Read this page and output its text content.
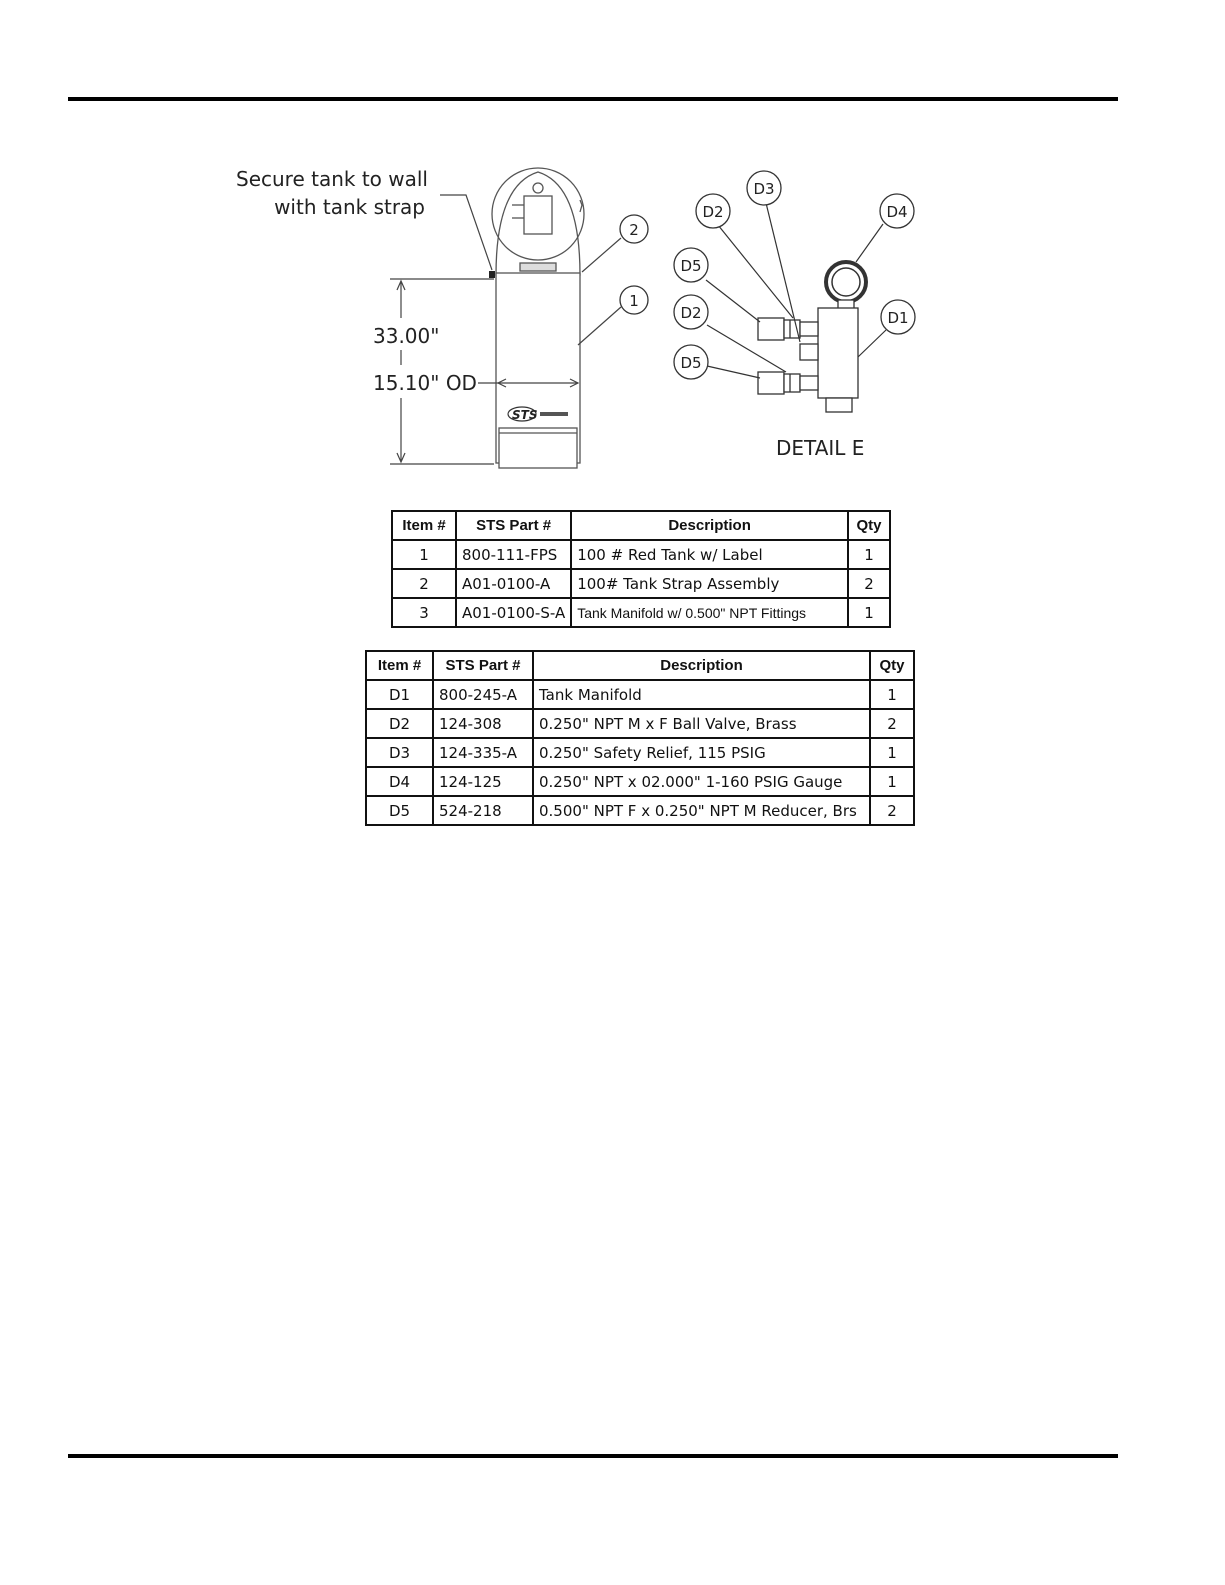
STS
Secure tank to wall
with tank strap
33.00"
15.10" OD
2
1
D3
D2	D4
D5
D2	D1
D5
DETAIL E
Item #	STS Part #	Description	Qty
1	800-111-FPS	100 # Red Tank w/ Label	1
2	A01-0100-A	100# Tank Strap Assembly	2
3	A01-0100-S-A	Tank Manifold w/ 0.500" NPT Fittings	1
Item #	STS Part #	Description	Qty
D1	800-245-A	Tank Manifold	1
D2	124-308	0.250" NPT M x F Ball Valve, Brass	2
D3	124-335-A	0.250" Safety Relief, 115 PSIG	1
D4	124-125	0.250" NPT x 02.000" 1-160 PSIG Gauge	1
D5	524-218	0.500" NPT F x 0.250" NPT M Reducer, Brs	2
